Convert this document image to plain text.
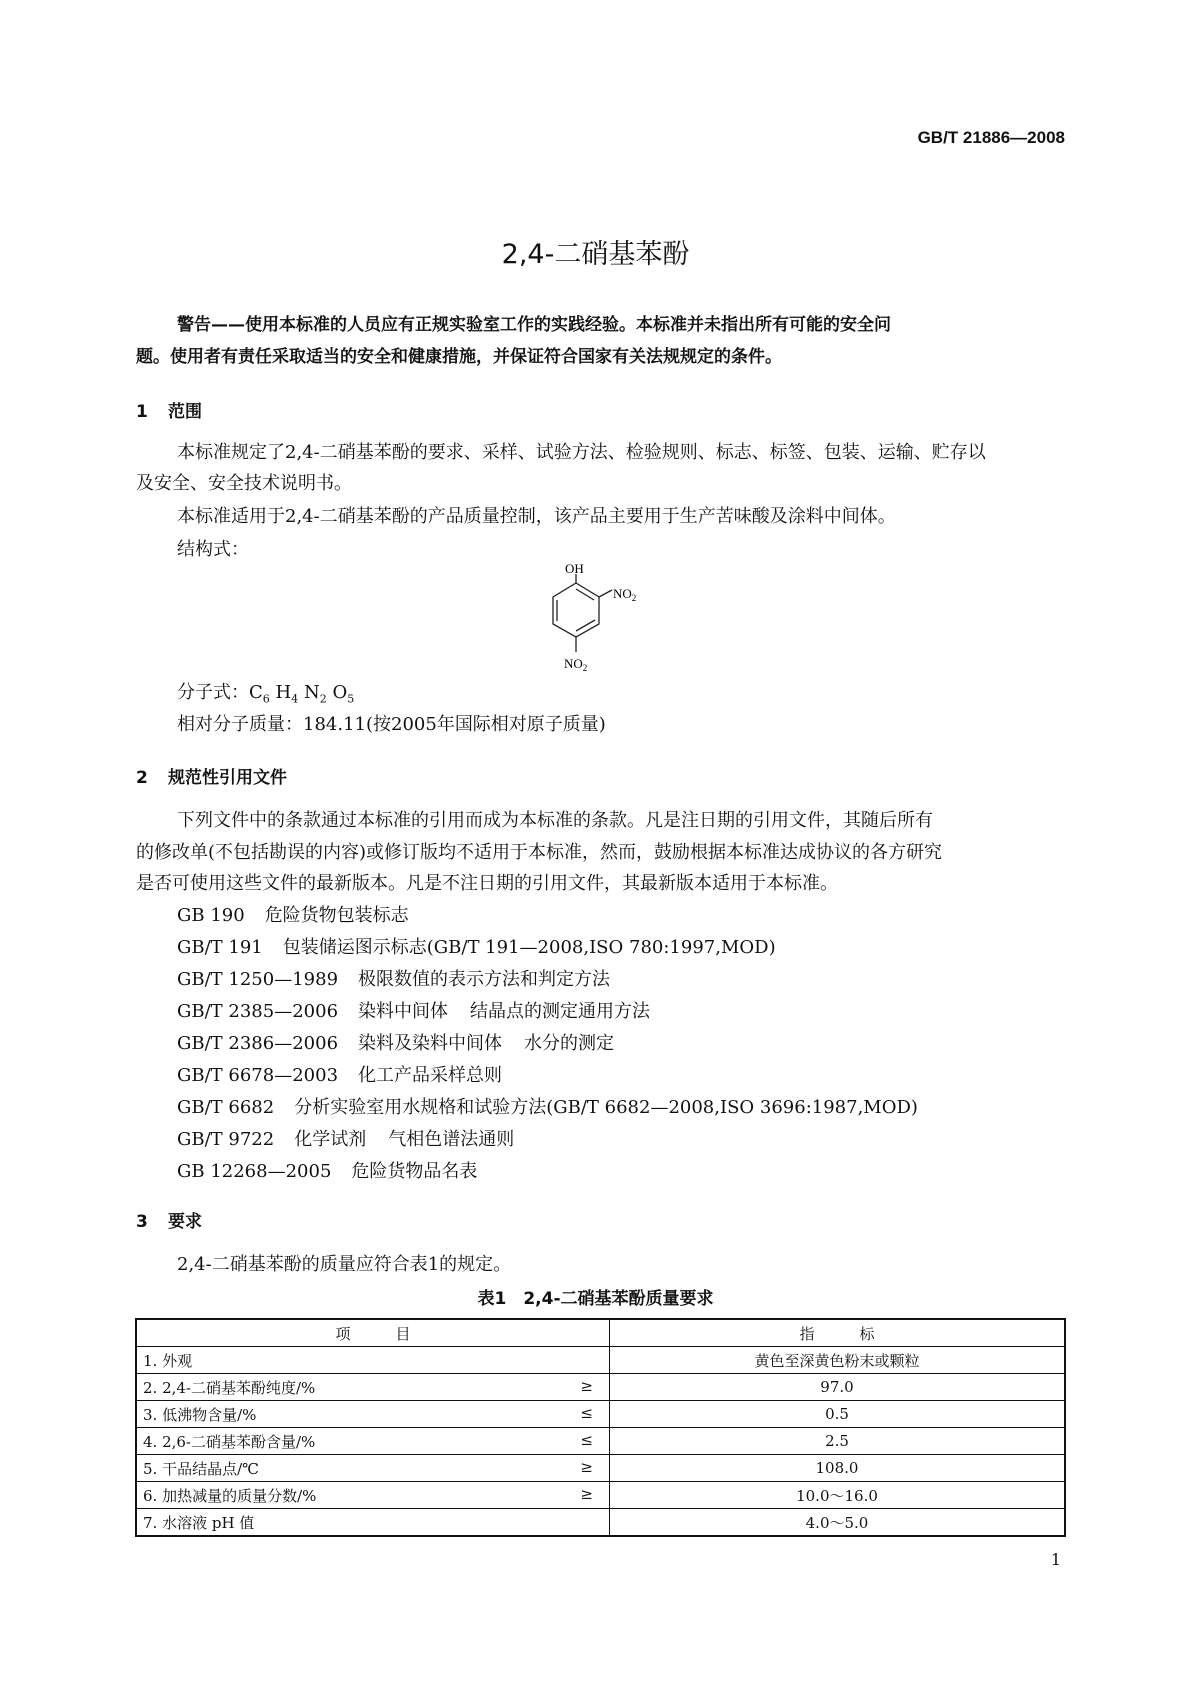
GB/T 21886—2008
2,4-二硝基苯酚
警告——使用本标准的人员应有正规实验室工作的实践经验。本标准并未指出所有可能的安全问
题。使用者有责任采取适当的安全和健康措施，并保证符合国家有关法规规定的条件。
1 范围
本标准规定了2,4-二硝基苯酚的要求、采样、试验方法、检验规则、标志、标签、包装、运输、贮存以
及安全、安全技术说明书。
本标准适用于2,4-二硝基苯酚的产品质量控制，该产品主要用于生产苦味酸及涂料中间体。
结构式：
OH
$NO_2$
$NO_2$
分子式：$C_6$ $H_4$ $N_2$ $O_5$
相对分子质量：184.11(按2005年国际相对原子质量)
2 规范性引用文件
下列文件中的条款通过本标准的引用而成为本标准的条款。凡是注日期的引用文件，其随后所有
的修改单(不包括勘误的内容)或修订版均不适用于本标准，然而，鼓励根据本标准达成协议的各方研究
是否可使用这些文件的最新版本。凡是不注日期的引用文件，其最新版本适用于本标准。
GB 190 危险货物包装标志
GB/T 191 包装储运图示标志(GB/T 191—2008,ISO 780:1997,MOD)
GB/T 1250—1989 极限数值的表示方法和判定方法
GB/T 2385—2006 染料中间体 结晶点的测定通用方法
GB/T 2386—2006 染料及染料中间体 水分的测定
GB/T 6678—2003 化工产品采样总则
GB/T 6682 分析实验室用水规格和试验方法(GB/T 6682—2008,ISO 3696:1987,MOD)
GB/T 9722 化学试剂 气相色谱法通则
GB 12268—2005 危险货物品名表
3 要求
2,4-二硝基苯酚的质量应符合表1的规定。
表1　2,4-二硝基苯酚质量要求
项　　　目	指　　　标
1. 外观	黄色至深黄色粉末或颗粒
2. 2,4-二硝基苯酚纯度/% ≥	97.0
3. 低沸物含量/% ≤	0.5
4. 2,6-二硝基苯酚含量/% ≤	2.5
5. 干品结晶点/℃ ≥	108.0
6. 加热减量的质量分数/% ≥	10.0～16.0
7. 水溶液 pH 值	4.0～5.0
1
